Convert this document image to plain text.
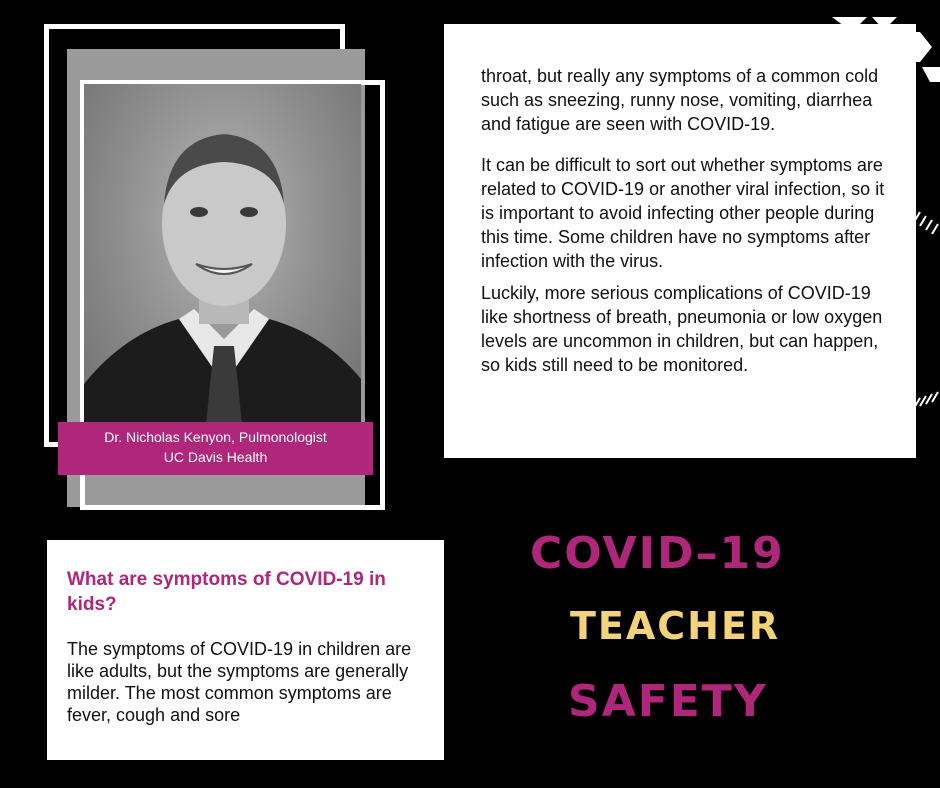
Dr. Nicholas Kenyon, Pulmonologist
UC Davis Health

throat, but really any symptoms of a common cold such as sneezing, runny nose, vomiting, diarrhea and fatigue are seen with COVID-19.

It can be difficult to sort out whether symptoms are related to COVID-19 or another viral infection, so it is important to avoid infecting other people during this time. Some children have no symptoms after infection with the virus.

Luckily, more serious complications of COVID-19 like shortness of breath, pneumonia or low oxygen levels are uncommon in children, but can happen, so kids still need to be monitored.

What are symptoms of COVID-19 in kids?

The symptoms of COVID-19 in children are like adults, but the symptoms are generally milder. The most common symptoms are fever, cough and sore

COVID–19
TEACHER
SAFETY
